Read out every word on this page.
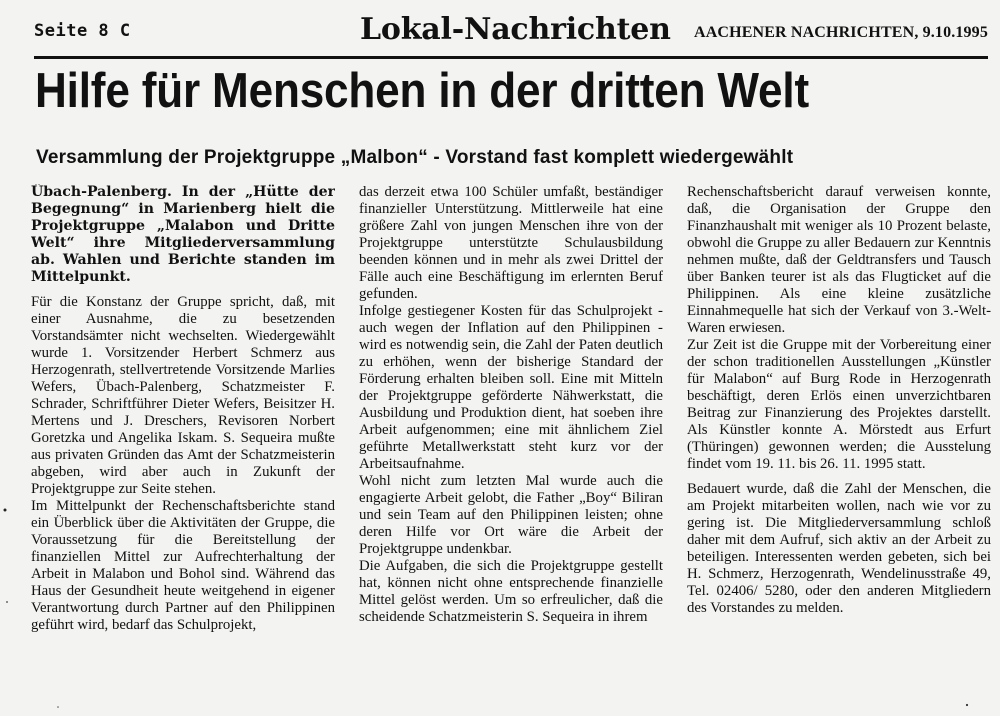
Seite 8 C	Lokal-Nachrichten AACHENER NACHRICHTEN, 9.10.1995
Hilfe für Menschen in der dritten Welt
Versammlung der Projektgruppe „Malbon“ - Vorstand fast komplett wiedergewählt

Übach-Palenberg. In der „Hütte der Begegnung“ in Marienberg hielt die Projektgruppe „Malabon und Dritte Welt“ ihre Mitgliederversammlung ab. Wahlen und Berichte standen im Mittelpunkt.

Für die Konstanz der Gruppe spricht, daß, mit einer Ausnahme, die zu besetzenden Vorstandsämter nicht wechselten. Wiedergewählt wurde 1. Vorsitzender Herbert Schmerz aus Herzogenrath, stellvertretende Vorsitzende Marlies Wefers, Übach-Palenberg, Schatzmeister F. Schrader, Schriftführer Dieter Wefers, Beisitzer H. Mertens und J. Dreschers, Revisoren Norbert Goretzka und Angelika Iskam. S. Sequeira mußte aus privaten Gründen das Amt der Schatzmeisterin abgeben, wird aber auch in Zukunft der Projektgruppe zur Seite stehen.

Im Mittelpunkt der Rechenschaftsberichte stand ein Überblick über die Aktivitäten der Gruppe, die Voraussetzung für die Bereitstellung der finanziellen Mittel zur Aufrechterhaltung der Arbeit in Malabon und Bohol sind. Während das Haus der Gesundheit heute weitgehend in eigener Verantwortung durch Partner auf den Philippinen geführt wird, bedarf das Schulprojekt,

das derzeit etwa 100 Schüler umfaßt, beständiger finanzieller Unterstützung. Mittlerweile hat eine größere Zahl von jungen Menschen ihre von der Projektgruppe unterstützte Schulausbildung beenden können und in mehr als zwei Drittel der Fälle auch eine Beschäftigung im erlernten Beruf gefunden.

Infolge gestiegener Kosten für das Schulprojekt - auch wegen der Inflation auf den Philippinen - wird es notwendig sein, die Zahl der Paten deutlich zu erhöhen, wenn der bisherige Standard der Förderung erhalten bleiben soll. Eine mit Mitteln der Projektgruppe geförderte Nähwerkstatt, die Ausbildung und Produktion dient, hat soeben ihre Arbeit aufgenommen; eine mit ähnlichem Ziel geführte Metallwerkstatt steht kurz vor der Arbeitsaufnahme.

Wohl nicht zum letzten Mal wurde auch die engagierte Arbeit gelobt, die Father „Boy“ Biliran und sein Team auf den Philippinen leisten; ohne deren Hilfe vor Ort wäre die Arbeit der Projektgruppe undenkbar.

Die Aufgaben, die sich die Projektgruppe gestellt hat, können nicht ohne entsprechende finanzielle Mittel gelöst werden. Um so erfreulicher, daß die scheidende Schatzmeisterin S. Sequeira in ihrem

Rechenschaftsbericht darauf verweisen konnte, daß, die Organisation der Gruppe den Finanzhaushalt mit weniger als 10 Prozent belaste, obwohl die Gruppe zu aller Bedauern zur Kenntnis nehmen mußte, daß der Geldtransfers und Tausch über Banken teurer ist als das Flugticket auf die Philippinen. Als eine kleine zusätzliche Einnahmequelle hat sich der Verkauf von 3.-Welt-Waren erwiesen.

Zur Zeit ist die Gruppe mit der Vorbereitung einer der schon traditionellen Ausstellungen „Künstler für Malabon“ auf Burg Rode in Herzogenrath beschäftigt, deren Erlös einen unverzichtbaren Beitrag zur Finanzierung des Projektes darstellt. Als Künstler konnte A. Mörstedt aus Erfurt (Thüringen) gewonnen werden; die Ausstelung findet vom 19. 11. bis 26. 11. 1995 statt.

Bedauert wurde, daß die Zahl der Menschen, die am Projekt mitarbeiten wollen, nach wie vor zu gering ist. Die Mitgliederversammlung schloß daher mit dem Aufruf, sich aktiv an der Arbeit zu beteiligen. Interessenten werden gebeten, sich bei H. Schmerz, Herzogenrath, Wendelinusstraße 49, Tel. 02406/ 5280, oder den anderen Mitgliedern des Vorstandes zu melden.
